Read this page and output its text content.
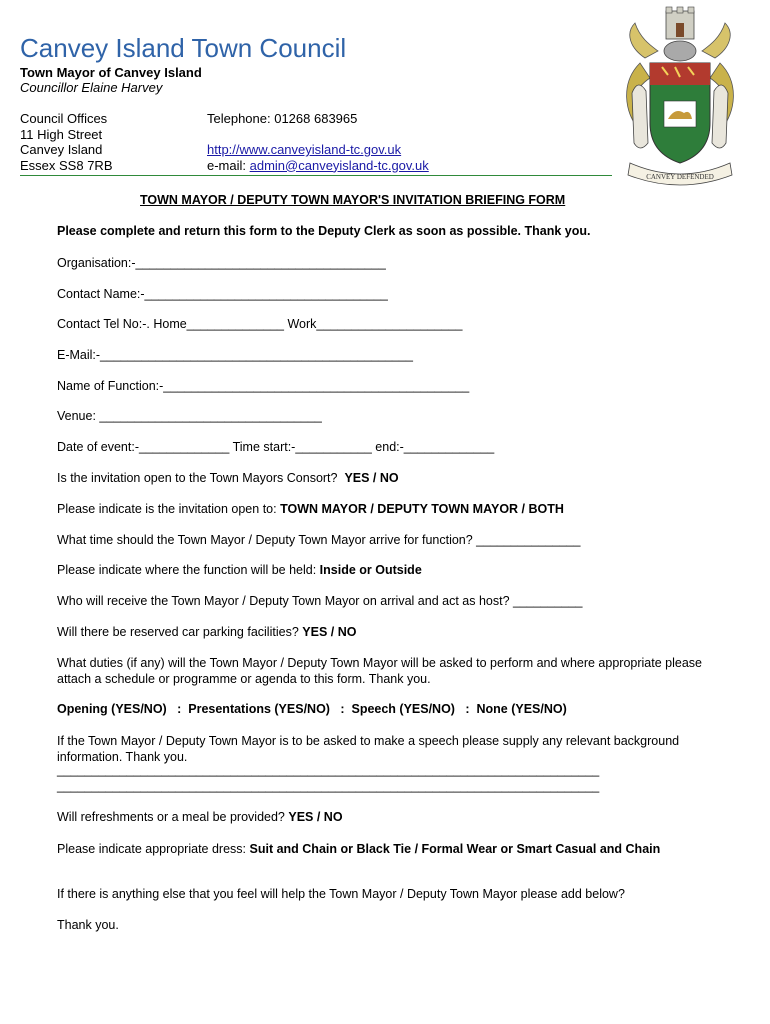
Canvey Island Town Council
Town Mayor of Canvey Island
Councillor Elaine Harvey
Council Offices
11 High Street
Canvey Island
Essex SS8 7RB
Telephone: 01268 683965
http://www.canveyisland-tc.gov.uk
e-mail: admin@canveyisland-tc.gov.uk
CANVEY DEFENDED
TOWN MAYOR / DEPUTY TOWN MAYOR'S INVITATION BRIEFING FORM
Please complete and return this form to the Deputy Clerk as soon as possible. Thank you.
Organisation:-____________________________________
Contact Name:-___________________________________
Contact Tel No:-. Home______________ Work_____________________
E-Mail:-_____________________________________________
Name of Function:-____________________________________________
Venue: ________________________________
Date of event:-_____________ Time start:-___________ end:-_____________
Is the invitation open to the Town Mayors Consort? YES / NO
Please indicate is the invitation open to: TOWN MAYOR / DEPUTY TOWN MAYOR / BOTH
What time should the Town Mayor / Deputy Town Mayor arrive for function? _______________
Please indicate where the function will be held: Inside or Outside
Who will receive the Town Mayor / Deputy Town Mayor on arrival and act as host? __________
Will there be reserved car parking facilities? YES / NO
What duties (if any) will the Town Mayor / Deputy Town Mayor will be asked to perform and where appropriate please attach a schedule or programme or agenda to this form. Thank you.
Opening (YES/NO)   :  Presentations (YES/NO)   :  Speech (YES/NO)   :  None (YES/NO)
If the Town Mayor / Deputy Town Mayor is to be asked to make a speech please supply any relevant background information. Thank you.
______________________________________________________________________________
______________________________________________________________________________
Will refreshments or a meal be provided? YES / NO
Please indicate appropriate dress: Suit and Chain or Black Tie / Formal Wear or Smart Casual and Chain
If there is anything else that you feel will help the Town Mayor / Deputy Town Mayor please add below?
Thank you.
